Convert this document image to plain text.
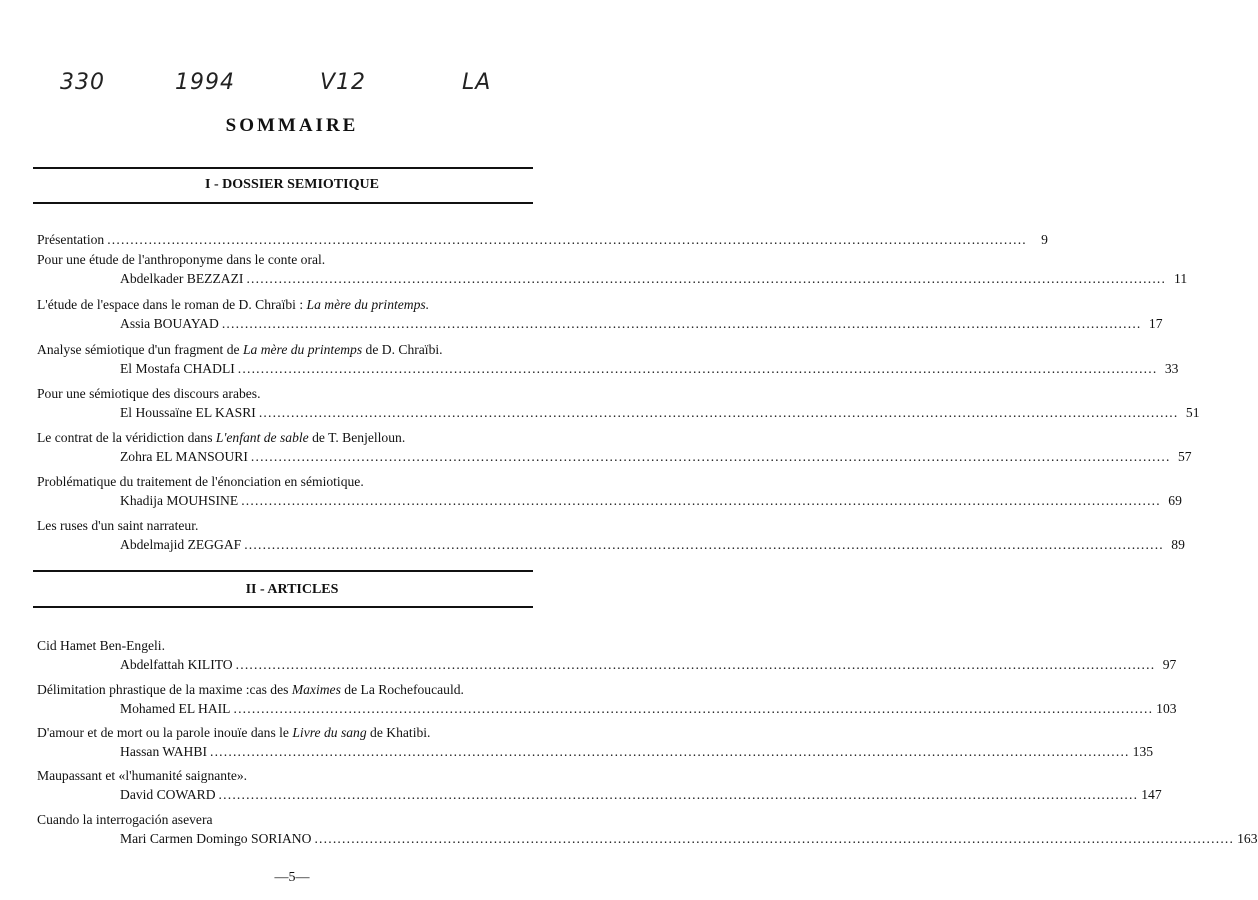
330	1994	V12	LA
SOMMAIRE
I - DOSSIER SEMIOTIQUE
Présentation ........................................................................................................................................................................................................	9
Pour une étude de l'anthroponyme dans le conte oral.
Abdelkader BEZZAZI ........................................................................................................................................................................................................ 11
L'étude de l'espace dans le roman de D. Chraïbi : La mère du printemps.
Assia BOUAYAD ........................................................................................................................................................................................................ 17
Analyse sémiotique d'un fragment de La mère du printemps de D. Chraïbi.
El Mostafa CHADLI ........................................................................................................................................................................................................ 33
Pour une sémiotique des discours arabes.
El Houssaïne EL KASRI ........................................................................................................................................................................................................ 51
Le contrat de la véridiction dans L'enfant de sable de T. Benjelloun.
Zohra EL MANSOURI ........................................................................................................................................................................................................ 57
Problématique du traitement de l'énonciation en sémiotique.
Khadija MOUHSINE ........................................................................................................................................................................................................ 69
Les ruses d'un saint narrateur.
Abdelmajid ZEGGAF ........................................................................................................................................................................................................ 89
II - ARTICLES
Cid Hamet Ben-Engeli.
Abdelfattah KILITO ........................................................................................................................................................................................................ 97
Délimitation phrastique de la maxime :cas des Maximes de La Rochefoucauld.
Mohamed EL HAIL ........................................................................................................................................................................................................ 103
D'amour et de mort ou la parole inouïe dans le Livre du sang de Khatibi.
Hassan WAHBI ........................................................................................................................................................................................................ 135
Maupassant et «l'humanité saignante».
David COWARD ........................................................................................................................................................................................................ 147
Cuando la interrogación asevera
Mari Carmen Domingo SORIANO ........................................................................................................................................................................................................ 163
—5—
